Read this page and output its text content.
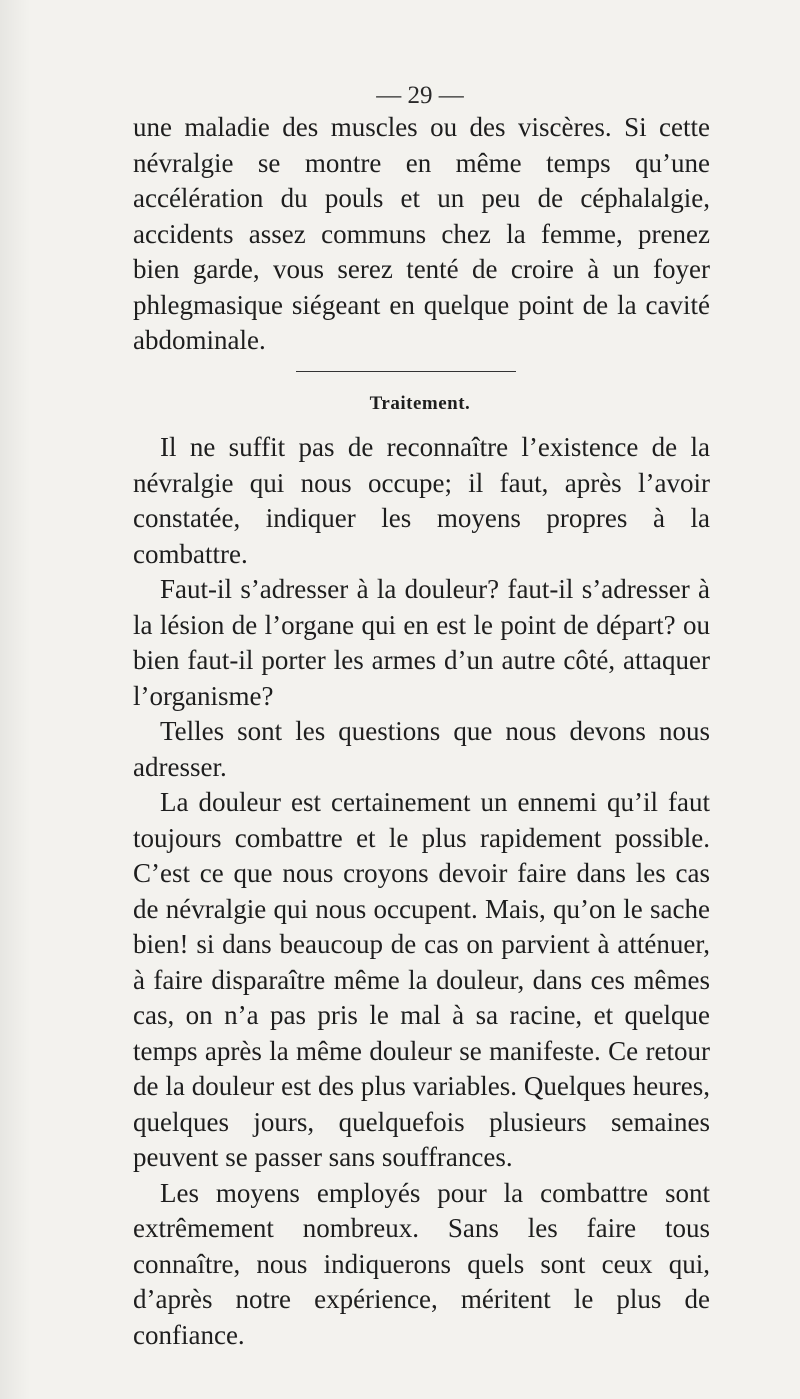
— 29 —

une maladie des muscles ou des viscères. Si cette névralgie se montre en même temps qu’une accélération du pouls et un peu de céphalalgie, accidents assez communs chez la femme, prenez bien garde, vous serez tenté de croire à un foyer phlegmasique siégeant en quelque point de la cavité abdominale.

Traitement.

Il ne suffit pas de reconnaître l’existence de la névralgie qui nous occupe; il faut, après l’avoir constatée, indiquer les moyens propres à la combattre.

Faut-il s’adresser à la douleur? faut-il s’adresser à la lésion de l’organe qui en est le point de départ? ou bien faut-il porter les armes d’un autre côté, attaquer l’organisme?

Telles sont les questions que nous devons nous adresser.

La douleur est certainement un ennemi qu’il faut toujours combattre et le plus rapidement possible. C’est ce que nous croyons devoir faire dans les cas de névralgie qui nous occupent. Mais, qu’on le sache bien! si dans beaucoup de cas on parvient à atténuer, à faire disparaître même la douleur, dans ces mêmes cas, on n’a pas pris le mal à sa racine, et quelque temps après la même douleur se manifeste. Ce retour de la douleur est des plus variables. Quelques heures, quelques jours, quelquefois plusieurs semaines peuvent se passer sans souffrances.

Les moyens employés pour la combattre sont extrêmement nombreux. Sans les faire tous connaître, nous indiquerons quels sont ceux qui, d’après notre expérience, méritent le plus de confiance.
